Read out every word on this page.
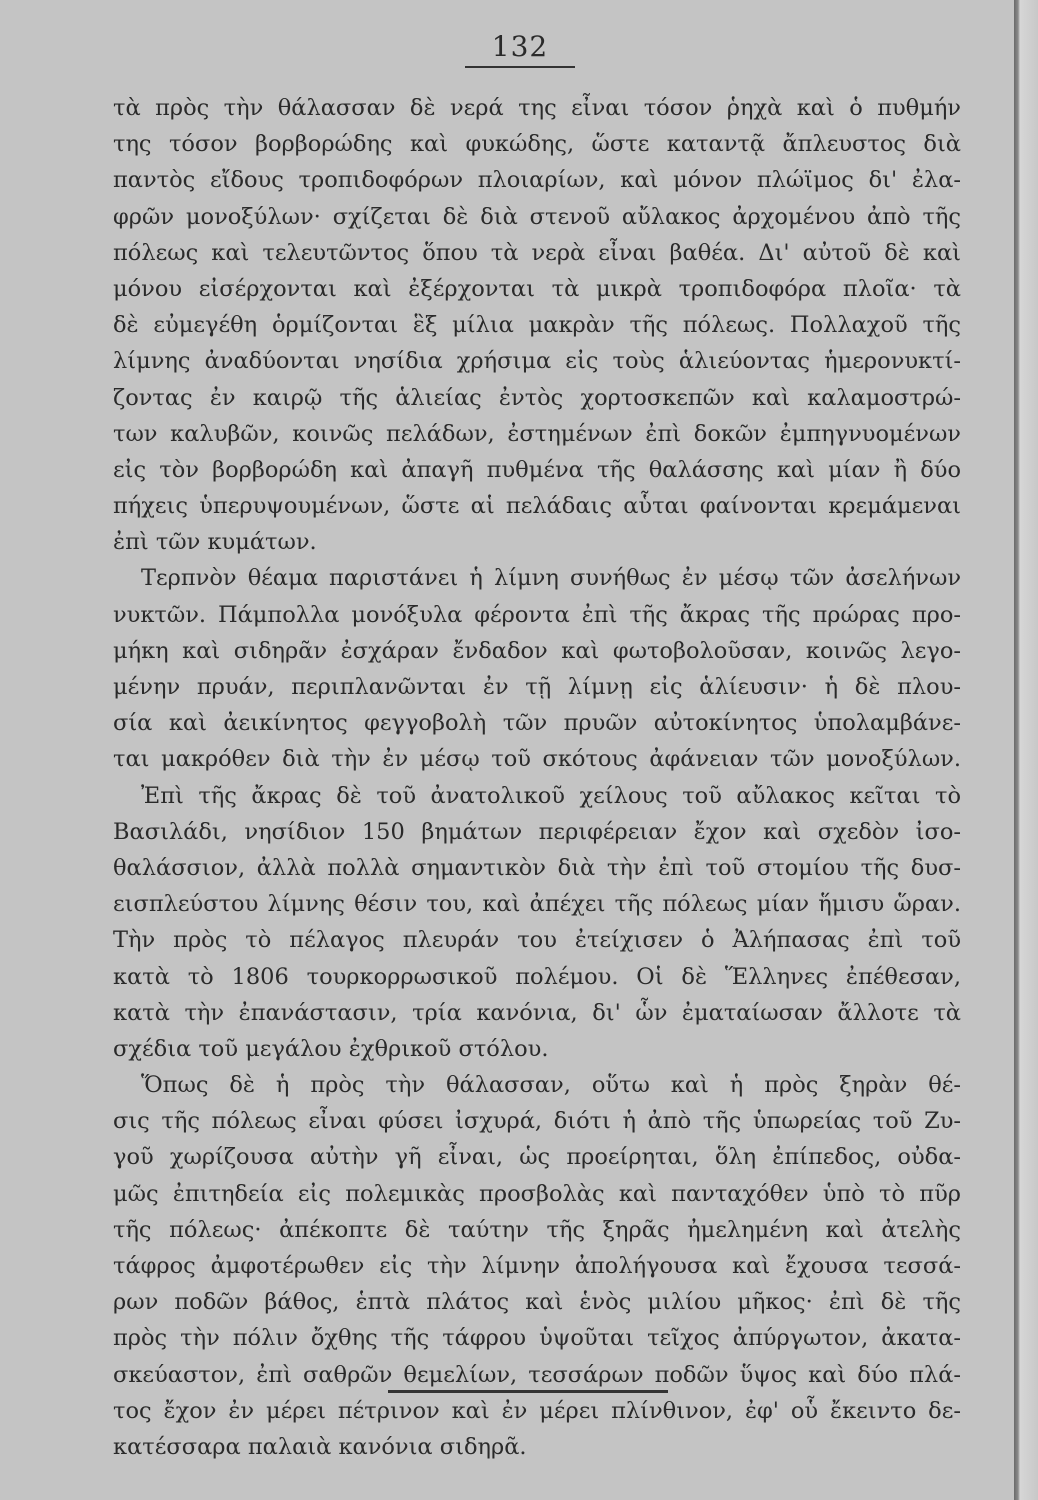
132
τὰ πρὸς τὴν θάλασσαν δὲ νερά της εἶναι τόσον ῥηχὰ καὶ ὁ πυθμήν
της τόσον βορβορώδης καὶ φυκώδης, ὥστε καταντᾷ ἄπλευστος διὰ
παντὸς εἴδους τροπιδοφόρων πλοιαρίων, καὶ μόνον πλώϊμος δι' ἐλα-
φρῶν μονοξύλων· σχίζεται δὲ διὰ στενοῦ αὔλακος ἀρχομένου ἀπὸ τῆς
πόλεως καὶ τελευτῶντος ὅπου τὰ νερὰ εἶναι βαθέα. Δι' αὐτοῦ δὲ καὶ
μόνου εἰσέρχονται καὶ ἐξέρχονται τὰ μικρὰ τροπιδοφόρα πλοῖα· τὰ
δὲ εὐμεγέθη ὁρμίζονται ἓξ μίλια μακρὰν τῆς πόλεως. Πολλαχοῦ τῆς
λίμνης ἀναδύονται νησίδια χρήσιμα εἰς τοὺς ἁλιεύοντας ἡμερονυκτί-
ζοντας ἐν καιρῷ τῆς ἁλιείας ἐντὸς χορτοσκεπῶν καὶ καλαμοστρώ-
των καλυβῶν, κοινῶς πελάδων, ἐστημένων ἐπὶ δοκῶν ἐμπηγνυομένων
εἰς τὸν βορβορώδη καὶ ἀπαγῆ πυθμένα τῆς θαλάσσης καὶ μίαν ἢ δύο
πήχεις ὑπερυψουμένων, ὥστε αἱ πελάδαις αὗται φαίνονται κρεμάμεναι
ἐπὶ τῶν κυμάτων.
Τερπνὸν θέαμα παριστάνει ἡ λίμνη συνήθως ἐν μέσῳ τῶν ἀσελήνων
νυκτῶν. Πάμπολλα μονόξυλα φέροντα ἐπὶ τῆς ἄκρας τῆς πρώρας προ-
μήκη καὶ σιδηρᾶν ἐσχάραν ἔνδαδον καὶ φωτοβολοῦσαν, κοινῶς λεγο-
μένην πρυάν, περιπλανῶνται ἐν τῇ λίμνῃ εἰς ἁλίευσιν· ἡ δὲ πλου-
σία καὶ ἀεικίνητος φεγγοβολὴ τῶν πρυῶν αὐτοκίνητος ὑπολαμβάνε-
ται μακρόθεν διὰ τὴν ἐν μέσῳ τοῦ σκότους ἀφάνειαν τῶν μονοξύλων.
Ἐπὶ τῆς ἄκρας δὲ τοῦ ἀνατολικοῦ χείλους τοῦ αὔλακος κεῖται τὸ
Βασιλάδι, νησίδιον 150 βημάτων περιφέρειαν ἔχον καὶ σχεδὸν ἰσο-
θαλάσσιον, ἀλλὰ πολλὰ σημαντικὸν διὰ τὴν ἐπὶ τοῦ στομίου τῆς δυσ-
εισπλεύστου λίμνης θέσιν του, καὶ ἀπέχει τῆς πόλεως μίαν ἥμισυ ὥραν.
Τὴν πρὸς τὸ πέλαγος πλευράν του ἐτείχισεν ὁ Ἀλήπασας ἐπὶ τοῦ
κατὰ τὸ 1806 τουρκορρωσικοῦ πολέμου. Οἱ δὲ Ἕλληνες ἐπέθεσαν,
κατὰ τὴν ἐπανάστασιν, τρία κανόνια, δι' ὧν ἐματαίωσαν ἄλλοτε τὰ
σχέδια τοῦ μεγάλου ἐχθρικοῦ στόλου.
Ὅπως δὲ ἡ πρὸς τὴν θάλασσαν, οὕτω καὶ ἡ πρὸς ξηρὰν θέ-
σις τῆς πόλεως εἶναι φύσει ἰσχυρά, διότι ἡ ἀπὸ τῆς ὑπωρείας τοῦ Ζυ-
γοῦ χωρίζουσα αὐτὴν γῆ εἶναι, ὡς προείρηται, ὅλη ἐπίπεδος, οὐδα-
μῶς ἐπιτηδεία εἰς πολεμικὰς προσβολὰς καὶ πανταχόθεν ὑπὸ τὸ πῦρ
τῆς πόλεως· ἀπέκοπτε δὲ ταύτην τῆς ξηρᾶς ἠμελημένη καὶ ἀτελὴς
τάφρος ἀμφοτέρωθεν εἰς τὴν λίμνην ἀπολήγουσα καὶ ἔχουσα τεσσά-
ρων ποδῶν βάθος, ἑπτὰ πλάτος καὶ ἑνὸς μιλίου μῆκος· ἐπὶ δὲ τῆς
πρὸς τὴν πόλιν ὄχθης τῆς τάφρου ὑψοῦται τεῖχος ἀπύργωτον, ἀκατα-
σκεύαστον, ἐπὶ σαθρῶν θεμελίων, τεσσάρων ποδῶν ὕψος καὶ δύο πλά-
τος ἔχον ἐν μέρει πέτρινον καὶ ἐν μέρει πλίνθινον, ἐφ' οὗ ἔκειντο δε-
κατέσσαρα παλαιὰ κανόνια σιδηρᾶ.
